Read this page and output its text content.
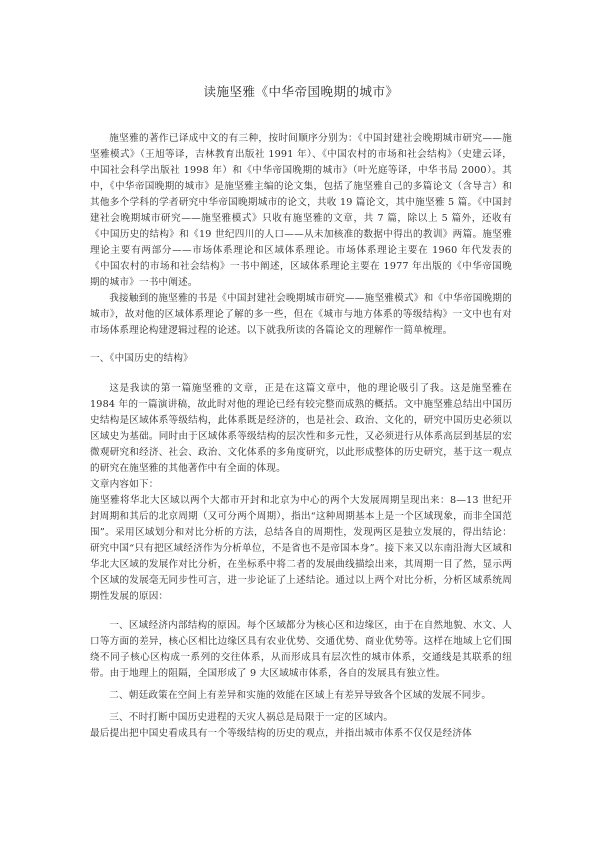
读施坚雅《中华帝国晚期的城市》

施坚雅的著作已译成中文的有三种，按时间顺序分别为：《中国封建社会晚期城市研究——施坚雅模式》（王旭等译，吉林教育出版社 1991 年）、《中国农村的市场和社会结构》（史建云译，中国社会科学出版社 1998 年）和《中华帝国晚期的城市》（叶光庭等译，中华书局 2000）。其中，《中华帝国晚期的城市》是施坚雅主编的论文集，包括了施坚雅自己的多篇论文（含导言）和其他多个学科的学者研究中华帝国晚期城市的论文，共收 19 篇论文，其中施坚雅 5 篇。《中国封建社会晚期城市研究——施坚雅模式》只收有施坚雅的文章，共 7 篇，除以上 5 篇外，还收有《中国历史的结构》和《19 世纪四川的人口——从未加核准的数据中得出的教训》两篇。施坚雅理论主要有两部分——市场体系理论和区域体系理论。市场体系理论主要在 1960 年代发表的《中国农村的市场和社会结构》一书中阐述，区域体系理论主要在 1977 年出版的《中华帝国晚期的城市》一书中阐述。

我接触到的施坚雅的书是《中国封建社会晚期城市研究——施坚雅模式》和《中华帝国晚期的城市》，故对他的区域体系理论了解的多一些，但在《城市与地方体系的等级结构》一文中也有对市场体系理论构建逻辑过程的论述。以下就我所读的各篇论文的理解作一简单梳理。

一、《中国历史的结构》

这是我读的第一篇施坚雅的文章，正是在这篇文章中，他的理论吸引了我。这是施坚雅在 1984 年的一篇演讲稿，故此时对他的理论已经有较完整而成熟的概括。文中施坚雅总结出中国历史结构是区域体系等级结构，此体系既是经济的，也是社会、政治、文化的，研究中国历史必须以区域史为基础。同时由于区域体系等级结构的层次性和多元性，又必须进行从体系高层到基层的宏微观研究和经济、社会、政治、文化体系的多角度研究，以此形成整体的历史研究，基于这一观点的研究在施坚雅的其他著作中有全面的体现。

文章内容如下：

施坚雅将华北大区域以两个大都市开封和北京为中心的两个大发展周期呈现出来：8—13 世纪开封周期和其后的北京周期（又可分两个周期），指出“这种周期基本上是一个区域现象，而非全国范围”。采用区域划分和对比分析的方法，总结各自的周期性，发现两区是独立发展的，得出结论：研究中国“只有把区域经济作为分析单位，不是省也不是帝国本身”。接下来又以东南沿海大区域和华北大区域的发展作对比分析，在坐标系中将二者的发展曲线描绘出来，其周期一目了然，显示两个区域的发展毫无同步性可言，进一步论证了上述结论。通过以上两个对比分析，分析区域系统周期性发展的原因：

一、区域经济内部结构的原因。每个区域都分为核心区和边缘区，由于在自然地貌、水文、人口等方面的差异，核心区相比边缘区具有农业优势、交通优势、商业优势等。这样在地域上它们围绕不同子核心区构成一系列的交往体系，从而形成具有层次性的城市体系，交通线是其联系的纽带。由于地理上的阻隔，全国形成了 9 大区域城市体系，各自的发展具有独立性。

二、朝廷政策在空间上有差异和实施的效能在区域上有差异导致各个区域的发展不同步。

三、不时打断中国历史进程的天灾人祸总是局限于一定的区域内。

最后提出把中国史看成具有一个等级结构的历史的观点，并指出城市体系不仅仅是经济体
